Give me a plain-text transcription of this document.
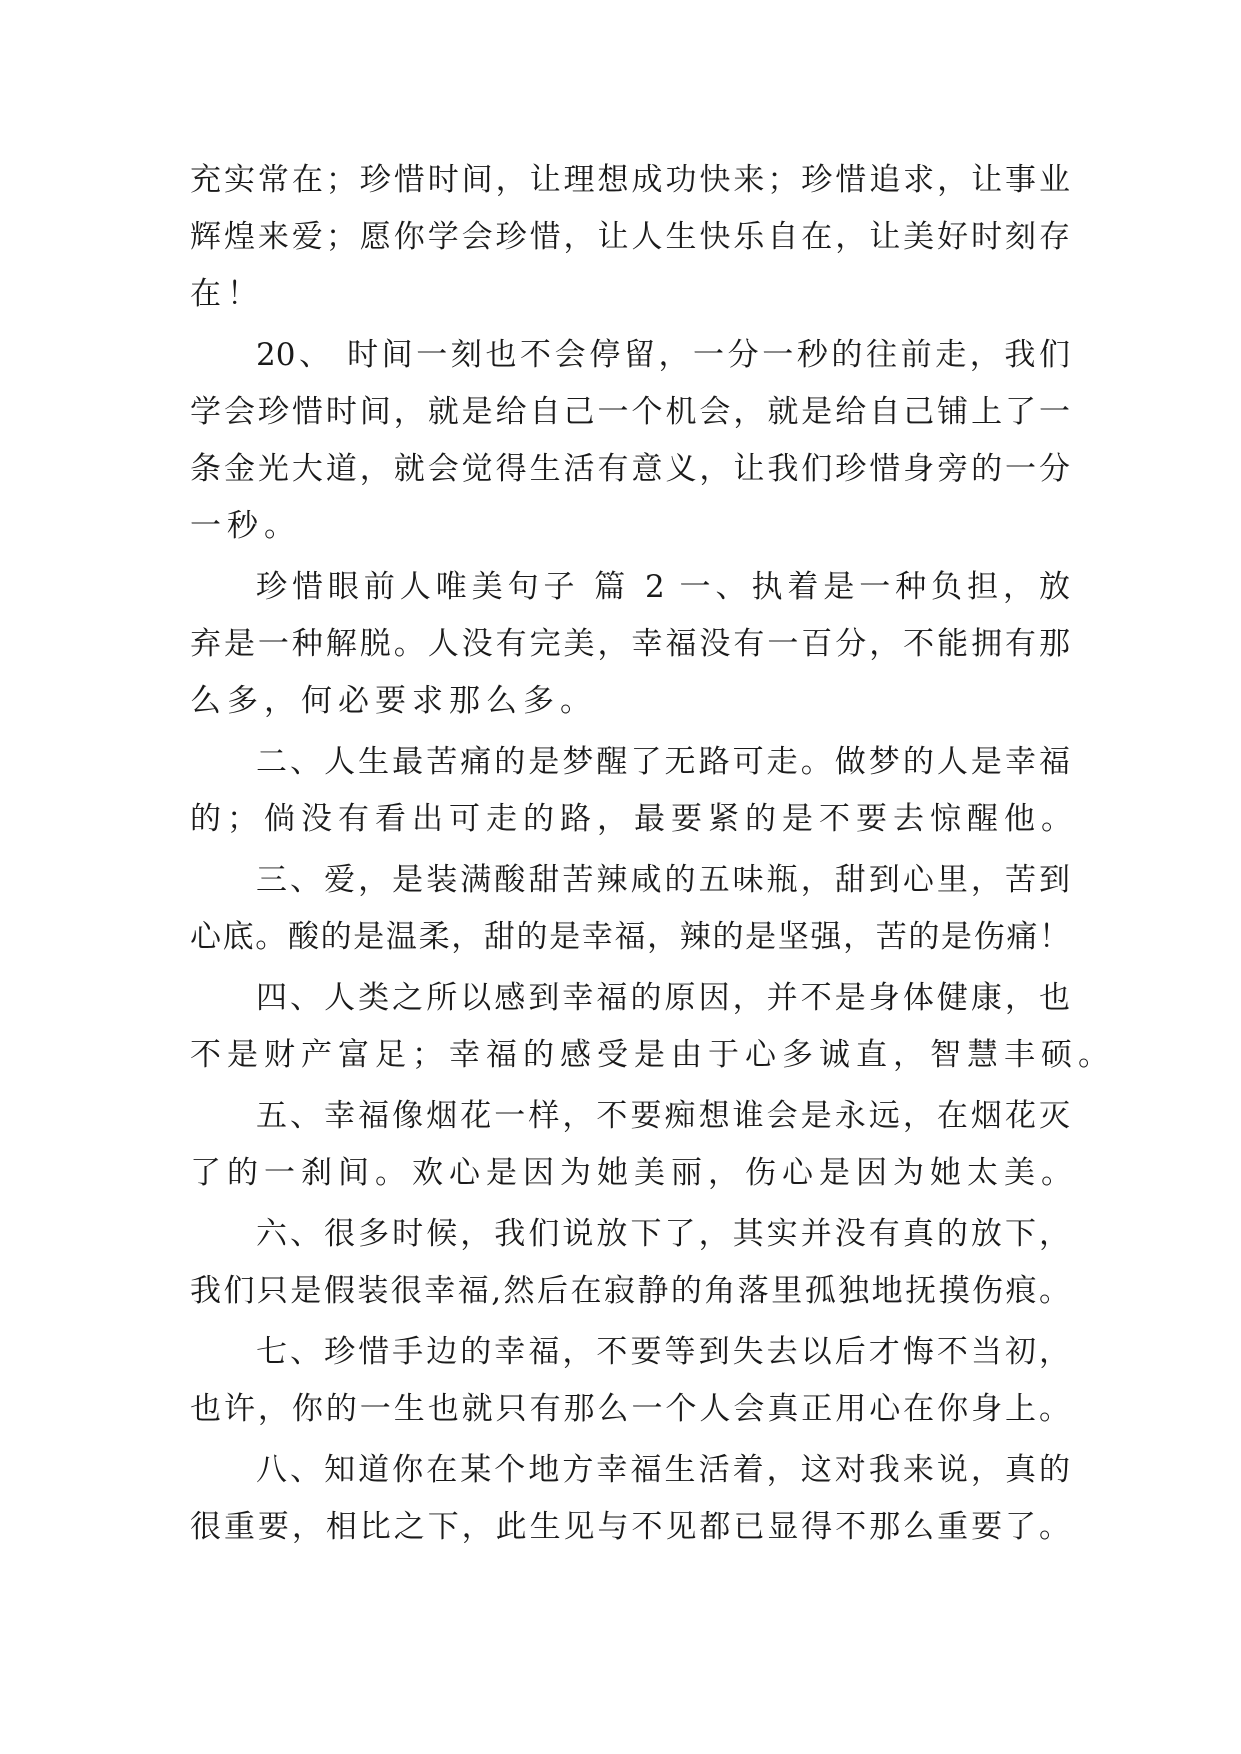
充实常在；珍惜时间，让理想成功快来；珍惜追求，让事业
辉煌来爱；愿你学会珍惜，让人生快乐自在，让美好时刻存
在！
20、 时间一刻也不会停留，一分一秒的往前走，我们
学会珍惜时间，就是给自己一个机会，就是给自己铺上了一
条金光大道，就会觉得生活有意义，让我们珍惜身旁的一分
一秒。
珍惜眼前人唯美句子 篇 2 一、执着是一种负担，放
弃是一种解脱。人没有完美，幸福没有一百分，不能拥有那
么多，何必要求那么多。
二、人生最苦痛的是梦醒了无路可走。做梦的人是幸福
的；倘没有看出可走的路，最要紧的是不要去惊醒他。
三、爱，是装满酸甜苦辣咸的五味瓶，甜到心里，苦到
心底。酸的是温柔，甜的是幸福，辣的是坚强，苦的是伤痛！
四、人类之所以感到幸福的原因，并不是身体健康，也
不是财产富足；幸福的感受是由于心多诚直，智慧丰硕。
五、幸福像烟花一样，不要痴想谁会是永远，在烟花灭
了的一刹间。欢心是因为她美丽，伤心是因为她太美。
六、很多时候，我们说放下了，其实并没有真的放下，
我们只是假装很幸福,然后在寂静的角落里孤独地抚摸伤痕。
七、珍惜手边的幸福，不要等到失去以后才悔不当初，
也许，你的一生也就只有那么一个人会真正用心在你身上。
八、知道你在某个地方幸福生活着，这对我来说，真的
很重要，相比之下，此生见与不见都已显得不那么重要了。
